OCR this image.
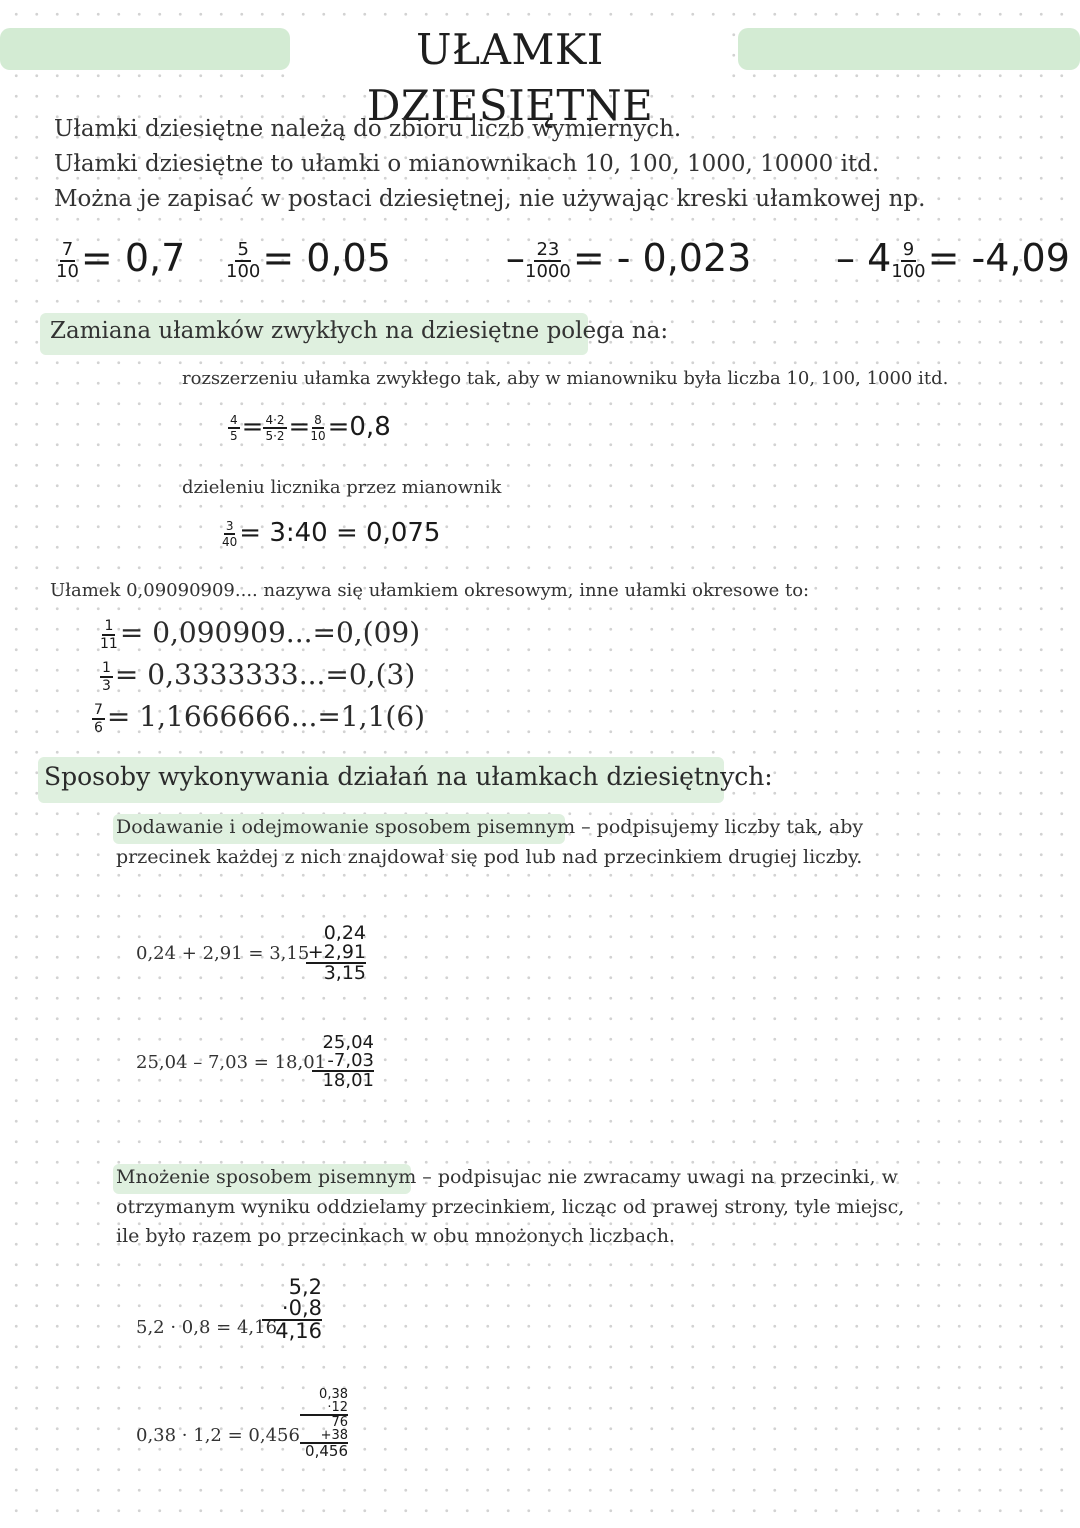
UŁAMKI DZIESIĘTNE
Ułamki dziesiętne należą do zbioru liczb wymiernych.
Ułamki dziesiętne to ułamki o mianownikach 10, 100, 1000, 10000 itd.
Można je zapisać w postaci dziesiętnej, nie używając kreski ułamkowej np.
$\frac{7}{10} = 0,7 \frac{5}{100} = 0,05$	– $\frac{23}{1000}$ = - $0,023 - 4 \frac{9}{100} = -4,09$
Zamiana ułamków zwykłych na dziesiętne polega na:
rozszerzeniu ułamka zwykłego tak, aby w mianowniku była liczba 10, 100, 1000 itd.
$\frac{4}{5} = \frac{4\cdot 2}{5\cdot 2} = \frac{8}{10} =0,8$
dzieleniu licznika przez mianownik
$\frac{3}{40}$ = 3:40 = 0,075
Ułamek 0,09090909.... nazywa się ułamkiem okresowym, inne ułamki okresowe to:
$\frac{1}{11} = 0,090909...=0,(09)$
$\frac{1}{3} = 0,3333333...=0,(3)$
$\frac{7}{6} = 1,1666666...=1,1(6)$
Sposoby wykonywania działań na ułamkach dziesiętnych:
Dodawanie i odejmowanie sposobem pisemnym – podpisujemy liczby tak, aby
przecinek każdej z nich znajdował się pod lub nad przecinkiem drugiej liczby.
0,24 + 2,91 = 3,15
0,24
+2,91
3,15
25,04 – 7,03 = 18,01
25,04
-7,03
18,01
Mnożenie sposobem pisemnym – podpisujac nie zwracamy uwagi na przecinki, w
otrzymanym wyniku oddzielamy przecinkiem, licząc od prawej strony, tyle miejsc,
ile było razem po przecinkach w obu mnożonych liczbach.
5,2 · 0,8 = 4,16
5,2
·0,8
4,16
0,38 · 1,2 = 0,456
0,38
·12
76
+38
0,456
